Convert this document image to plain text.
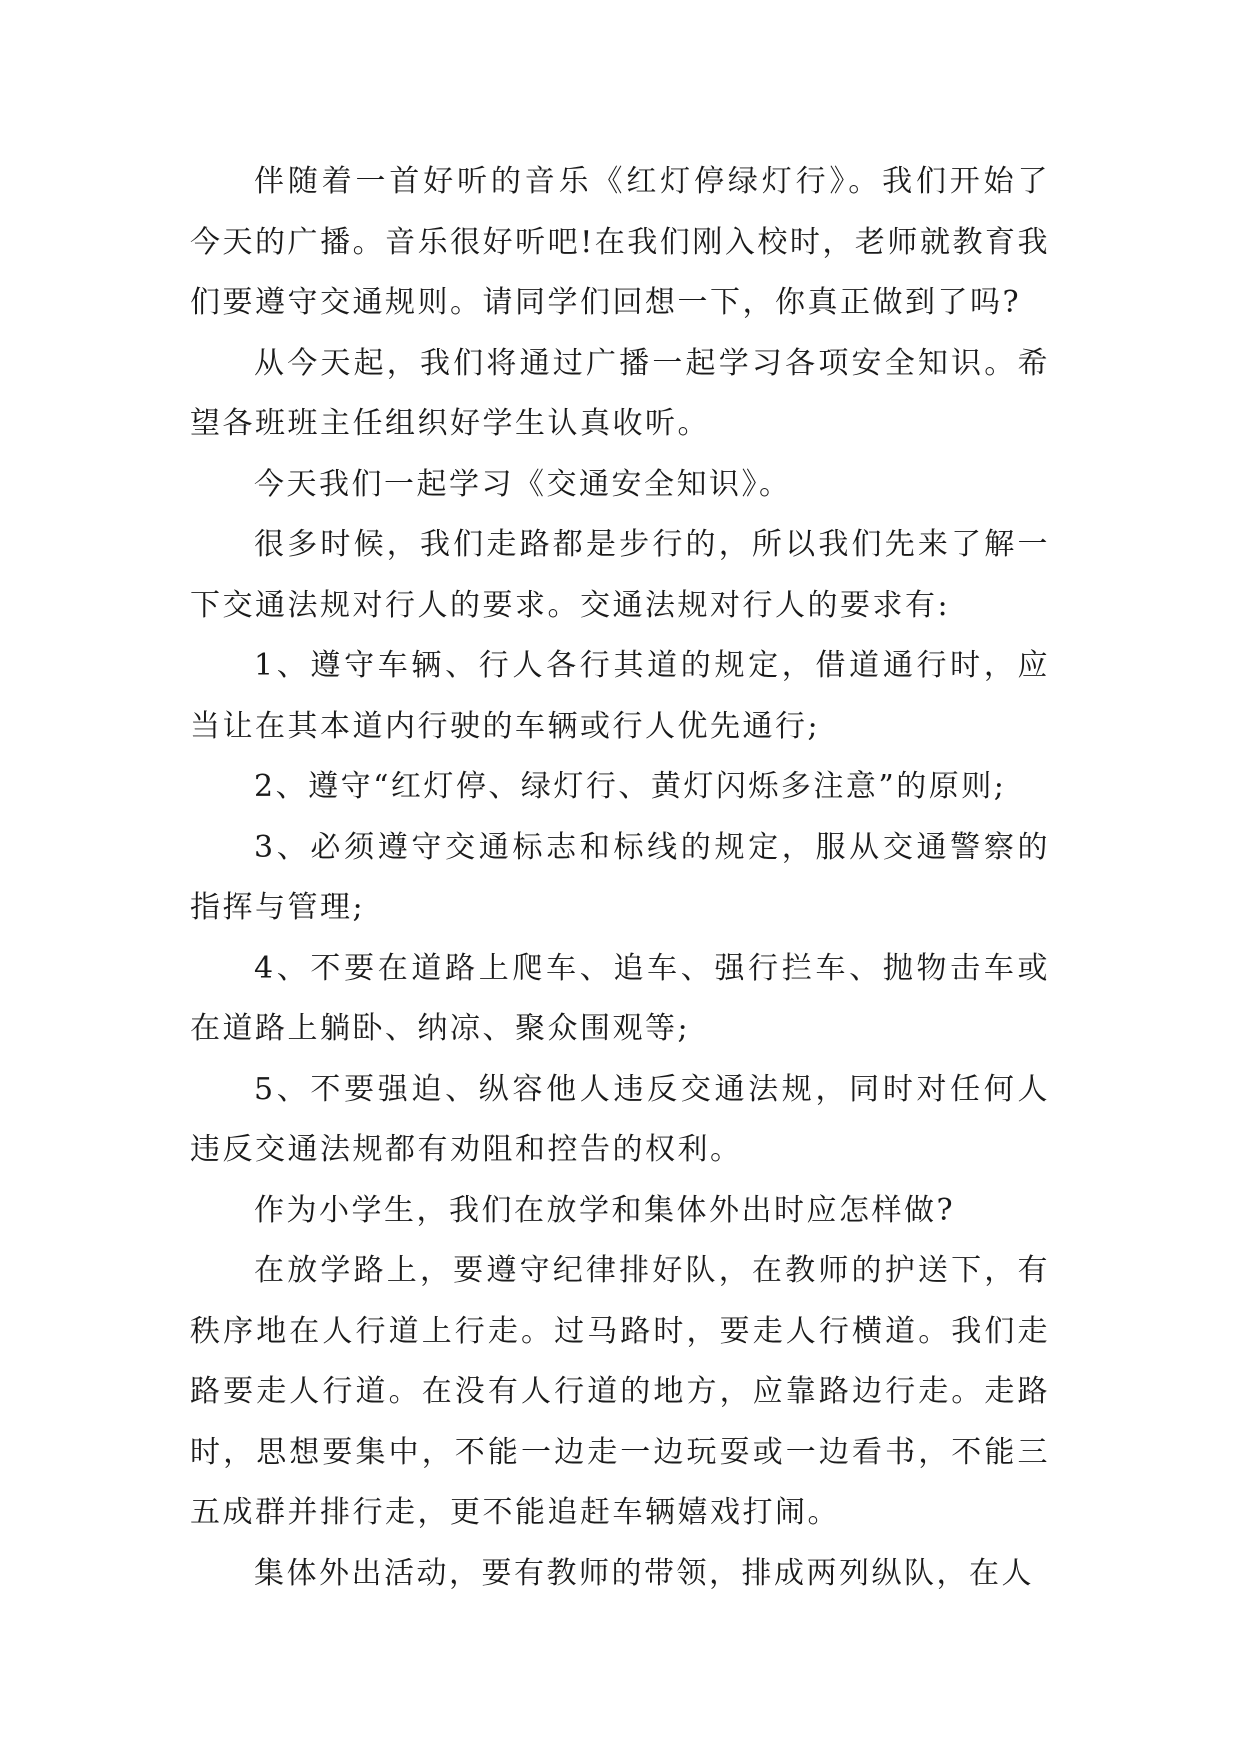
伴随着一首好听的音乐《红灯停绿灯行》。我们开始了今天的广播。音乐很好听吧!在我们刚入校时，老师就教育我们要遵守交通规则。请同学们回想一下，你真正做到了吗?

从今天起，我们将通过广播一起学习各项安全知识。希望各班班主任组织好学生认真收听。

今天我们一起学习《交通安全知识》。

很多时候，我们走路都是步行的，所以我们先来了解一下交通法规对行人的要求。交通法规对行人的要求有:

1、遵守车辆、行人各行其道的规定，借道通行时，应当让在其本道内行驶的车辆或行人优先通行;

2、遵守“红灯停、绿灯行、黄灯闪烁多注意”的原则;

3、必须遵守交通标志和标线的规定，服从交通警察的指挥与管理;

4、不要在道路上爬车、追车、强行拦车、抛物击车或在道路上躺卧、纳凉、聚众围观等;

5、不要强迫、纵容他人违反交通法规，同时对任何人违反交通法规都有劝阻和控告的权利。

作为小学生，我们在放学和集体外出时应怎样做?

在放学路上，要遵守纪律排好队，在教师的护送下，有秩序地在人行道上行走。过马路时，要走人行横道。我们走路要走人行道。在没有人行道的地方，应靠路边行走。走路时，思想要集中，不能一边走一边玩耍或一边看书，不能三五成群并排行走，更不能追赶车辆嬉戏打闹。

集体外出活动，要有教师的带领，排成两列纵队，在人
